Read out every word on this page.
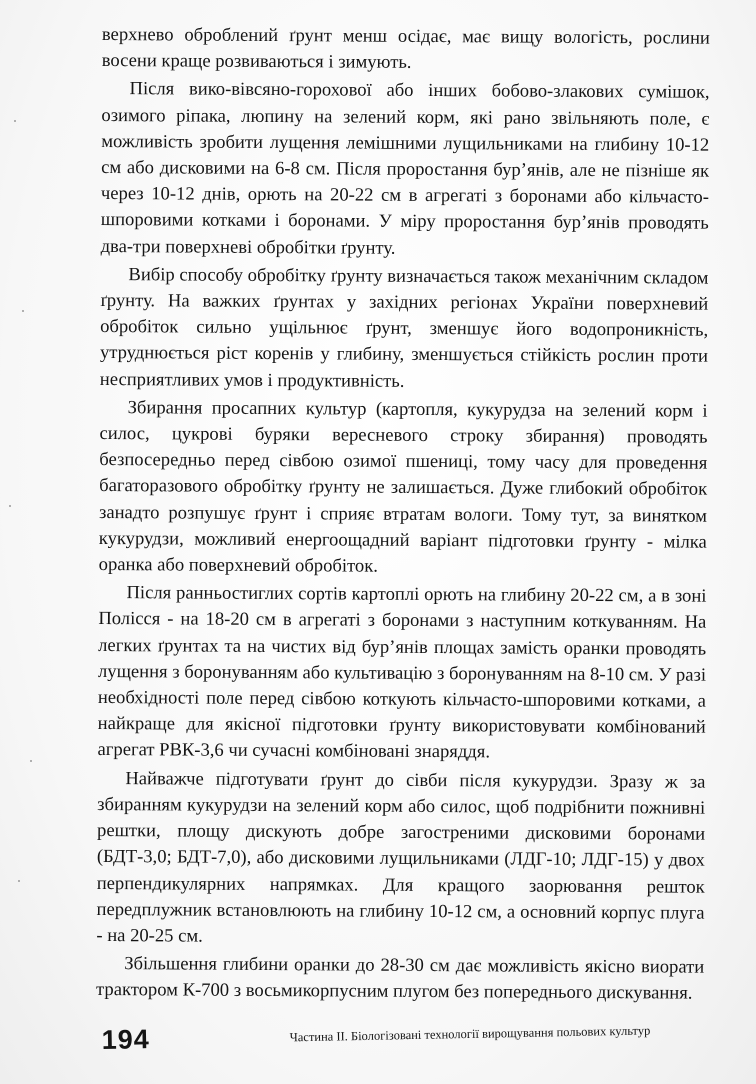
верхнево оброблений ґрунт менш осідає, має вищу вологість, рослини восени краще розвиваються і зимують.

Після вико-вівсяно-горохової або інших бобово-злакових сумішок, озимого ріпака, люпину на зелений корм, які рано звільняють поле, є можливість зробити лущення лемішними лущильниками на глибину 10-12 см або дисковими на 6-8 см. Після проростання бур’янів, але не пізніше як через 10-12 днів, орють на 20-22 см в агрегаті з боронами або кільчасто-шпоровими котками і боронами. У міру проростання бур’янів проводять два-три поверхневі обробітки ґрунту.

Вибір способу обробітку ґрунту визначається також механічним складом ґрунту. На важких ґрунтах у західних регіонах України поверхневий обробіток сильно ущільнює ґрунт, зменшує його водопроникність, утруднюється ріст коренів у глибину, зменшується стійкість рослин проти несприятливих умов і продуктивність.

Збирання просапних культур (картопля, кукурудза на зелений корм і силос, цукрові буряки вересневого строку збирання) проводять безпосередньо перед сівбою озимої пшениці, тому часу для проведення багаторазового обробітку ґрунту не залишається. Дуже глибокий обробіток занадто розпушує ґрунт і сприяє втратам вологи. Тому тут, за винятком кукурудзи, можливий енергоощадний варіант підготовки ґрунту - мілка оранка або поверхневий обробіток.

Після ранньостиглих сортів картоплі орють на глибину 20-22 см, а в зоні Полісся - на 18-20 см в агрегаті з боронами з наступним коткуванням. На легких ґрунтах та на чистих від бур’янів площах замість оранки проводять лущення з боронуванням або культивацію з боронуванням на 8-10 см. У разі необхідності поле перед сівбою коткують кільчасто-шпоровими котками, а найкраще для якісної підготовки ґрунту використовувати комбінований агрегат РВК-3,6 чи сучасні комбіновані знаряддя.

Найважче підготувати ґрунт до сівби після кукурудзи. Зразу ж за збиранням кукурудзи на зелений корм або силос, щоб подрібнити пожнивні рештки, площу дискують добре загостреними дисковими боронами (БДТ-3,0; БДТ-7,0), або дисковими лущильниками (ЛДГ-10; ЛДГ-15) у двох перпендикулярних напрямках. Для кращого заорювання решток передплужник встановлюють на глибину 10-12 см, а основний корпус плуга - на 20-25 см.

Збільшення глибини оранки до 28-30 см дає можливість якісно виорати трактором К-700 з восьмикорпусним плугом без попереднього дискування.

194	Частина ІІ. Біологізовані технології вирощування польових культур
